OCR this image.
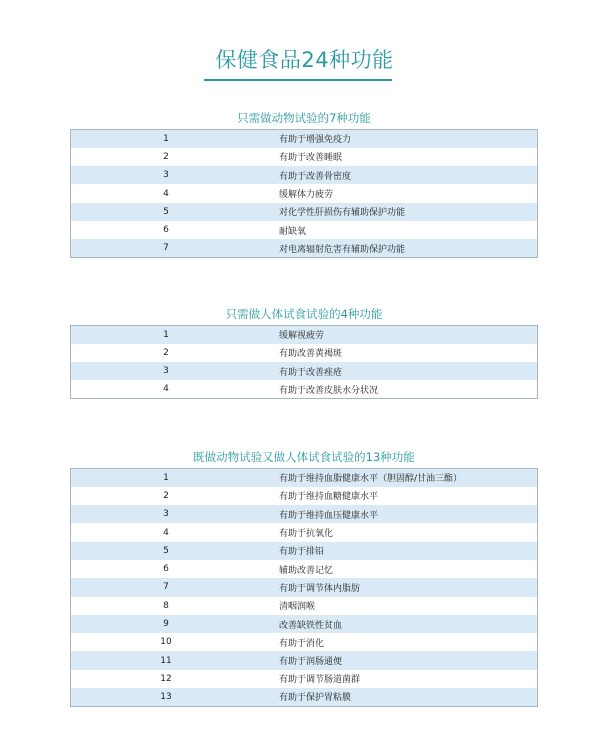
保健食品24种功能
只需做动物试验的7种功能
1	有助于增强免疫力
2	有助于改善睡眠
3	有助于改善骨密度
4	缓解体力疲劳
5	对化学性肝损伤有辅助保护功能
6	耐缺氧
7	对电离辐射危害有辅助保护功能
只需做人体试食试验的4种功能
1	缓解视疲劳
2	有助改善黄褐斑
3	有助于改善痤疮
4	有助于改善皮肤水分状况
既做动物试验又做人体试食试验的13种功能
1	有助于维持血脂健康水平（胆固醇/甘油三酯）
2	有助于维持血糖健康水平
3	有助于维持血压健康水平
4	有助于抗氧化
5	有助于排铅
6	辅助改善记忆
7	有助于调节体内脂肪
8	清咽润喉
9	改善缺铁性贫血
10	有助于消化
11	有助于润肠通便
12	有助于调节肠道菌群
13	有助于保护胃粘膜
